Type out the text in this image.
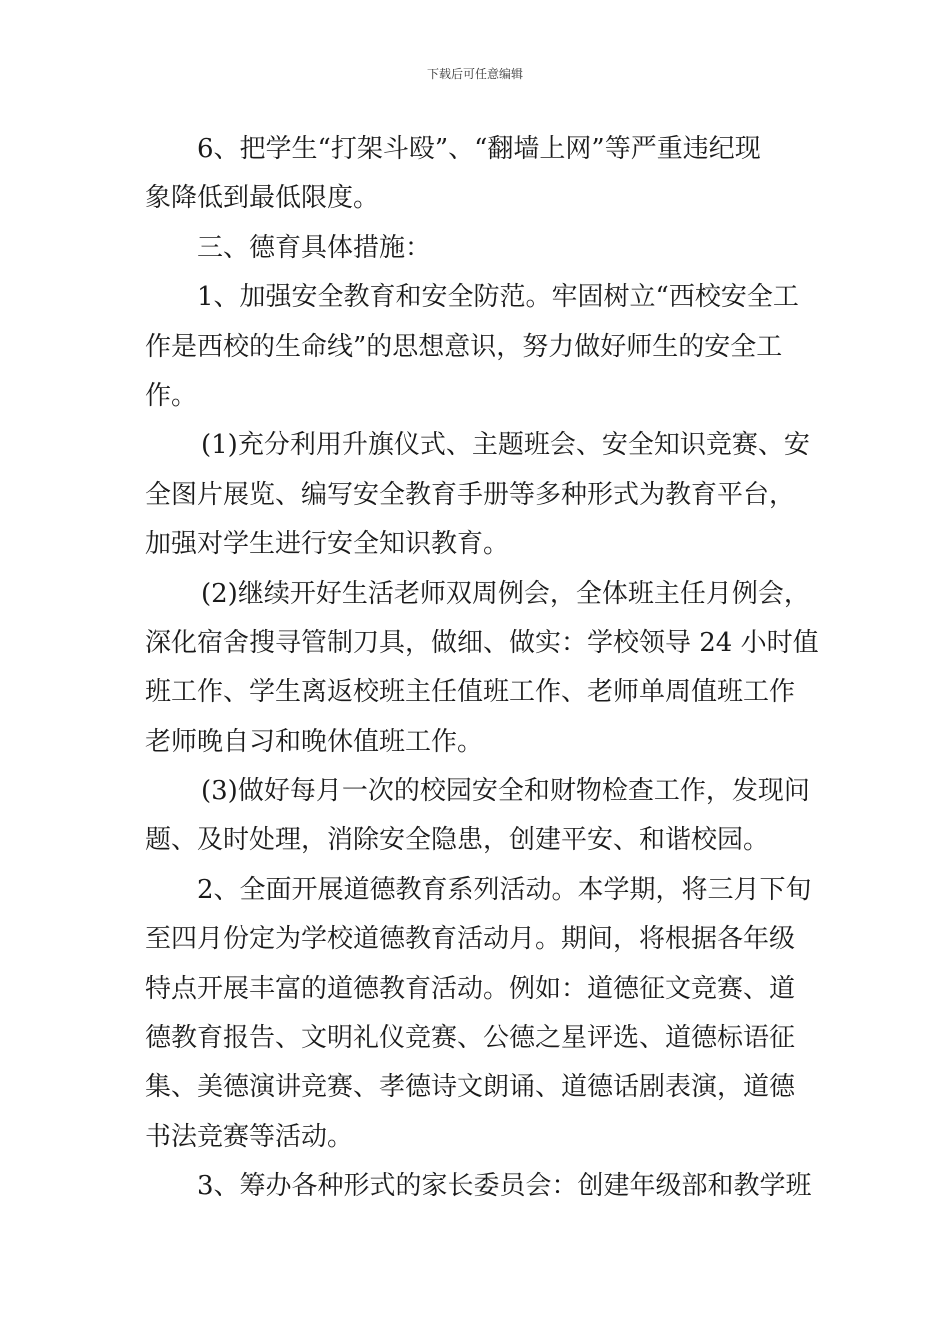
下载后可任意编辑
6、把学生“打架斗殴”、“翻墙上网”等严重违纪现
象降低到最低限度。
三、德育具体措施：
1、加强安全教育和安全防范。牢固树立“西校安全工
作是西校的生命线”的思想意识，努力做好师生的安全工
作。
(1)充分利用升旗仪式、主题班会、安全知识竞赛、安
全图片展览、编写安全教育手册等多种形式为教育平台，
加强对学生进行安全知识教育。
(2)继续开好生活老师双周例会，全体班主任月例会，
深化宿舍搜寻管制刀具，做细、做实：学校领导 24 小时值
班工作、学生离返校班主任值班工作、老师单周值班工作
老师晚自习和晚休值班工作。
(3)做好每月一次的校园安全和财物检查工作，发现问
题、及时处理，消除安全隐患，创建平安、和谐校园。
2、全面开展道德教育系列活动。本学期，将三月下旬
至四月份定为学校道德教育活动月。期间，将根据各年级
特点开展丰富的道德教育活动。例如：道德征文竞赛、道
德教育报告、文明礼仪竞赛、公德之星评选、道德标语征
集、美德演讲竞赛、孝德诗文朗诵、道德话剧表演，道德
书法竞赛等活动。
3、筹办各种形式的家长委员会：创建年级部和教学班
